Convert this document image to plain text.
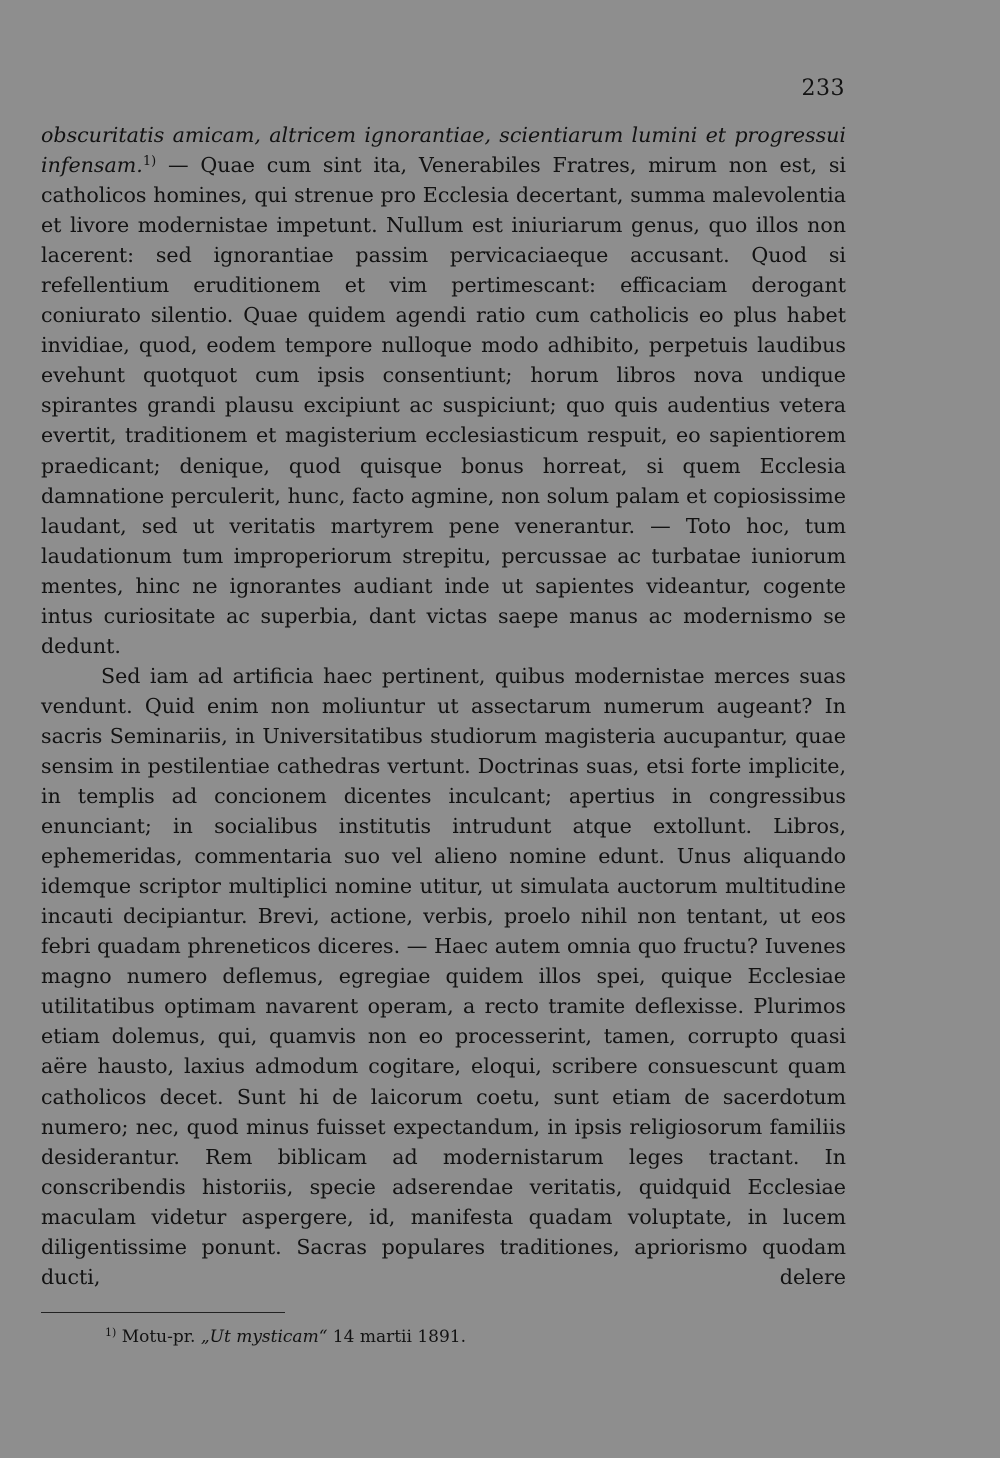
233

obscuritatis amicam, altricem ignorantiae, scientiarum lumini et progressui infensam.$^{1)}$ — Quae cum sint ita, Venerabiles Fratres, mirum non est, si catholicos homines, qui strenue pro Ecclesia decertant, summa malevolentia et livore modernistae impetunt. Nullum est iniuriarum genus, quo illos non lacerent: sed ignorantiae passim pervicaciaeque accusant. Quod si refellentium eruditionem et vim pertimescant: efficaciam derogant coniurato silentio. Quae quidem agendi ratio cum catholicis eo plus habet invidiae, quod, eodem tempore nulloque modo adhibito, perpetuis laudibus evehunt quotquot cum ipsis consentiunt; horum libros nova undique spirantes grandi plausu excipiunt ac suspiciunt; quo quis audentius vetera evertit, traditionem et magisterium ecclesiasticum respuit, eo sapientiorem praedicant; denique, quod quisque bonus horreat, si quem Ecclesia damnatione perculerit, hunc, facto agmine, non solum palam et copiosissime laudant, sed ut veritatis martyrem pene venerantur. — Toto hoc, tum laudationum tum improperiorum strepitu, percussae ac turbatae iuniorum mentes, hinc ne ignorantes audiant inde ut sapientes videantur, cogente intus curiositate ac superbia, dant victas saepe manus ac modernismo se dedunt.

Sed iam ad artificia haec pertinent, quibus modernistae merces suas vendunt. Quid enim non moliuntur ut assectarum numerum augeant? In sacris Seminariis, in Universitatibus studiorum magisteria aucupantur, quae sensim in pestilentiae cathedras vertunt. Doctrinas suas, etsi forte implicite, in templis ad concionem dicentes inculcant; apertius in congressibus enunciant; in socialibus institutis intrudunt atque extollunt. Libros, ephemeridas, commentaria suo vel alieno nomine edunt. Unus aliquando idemque scriptor multiplici nomine utitur, ut simulata auctorum multitudine incauti decipiantur. Brevi, actione, verbis, proelo nihil non tentant, ut eos febri quadam phreneticos diceres. — Haec autem omnia quo fructu? Iuvenes magno numero deflemus, egregiae quidem illos spei, quique Ecclesiae utilitatibus optimam navarent operam, a recto tramite deflexisse. Plurimos etiam dolemus, qui, quamvis non eo processerint, tamen, corrupto quasi aëre hausto, laxius admodum cogitare, eloqui, scribere consuescunt quam catholicos decet. Sunt hi de laicorum coetu, sunt etiam de sacerdotum numero; nec, quod minus fuisset expectandum, in ipsis religiosorum familiis desiderantur. Rem biblicam ad modernistarum leges tractant. In conscribendis historiis, specie adserendae veritatis, quidquid Ecclesiae maculam videtur aspergere, id, manifesta quadam voluptate, in lucem diligentissime ponunt. Sacras populares traditiones, apriorismo quodam ducti, delere

$^{1)}$ Motu-pr. „Ut mysticam“ 14 martii 1891.
